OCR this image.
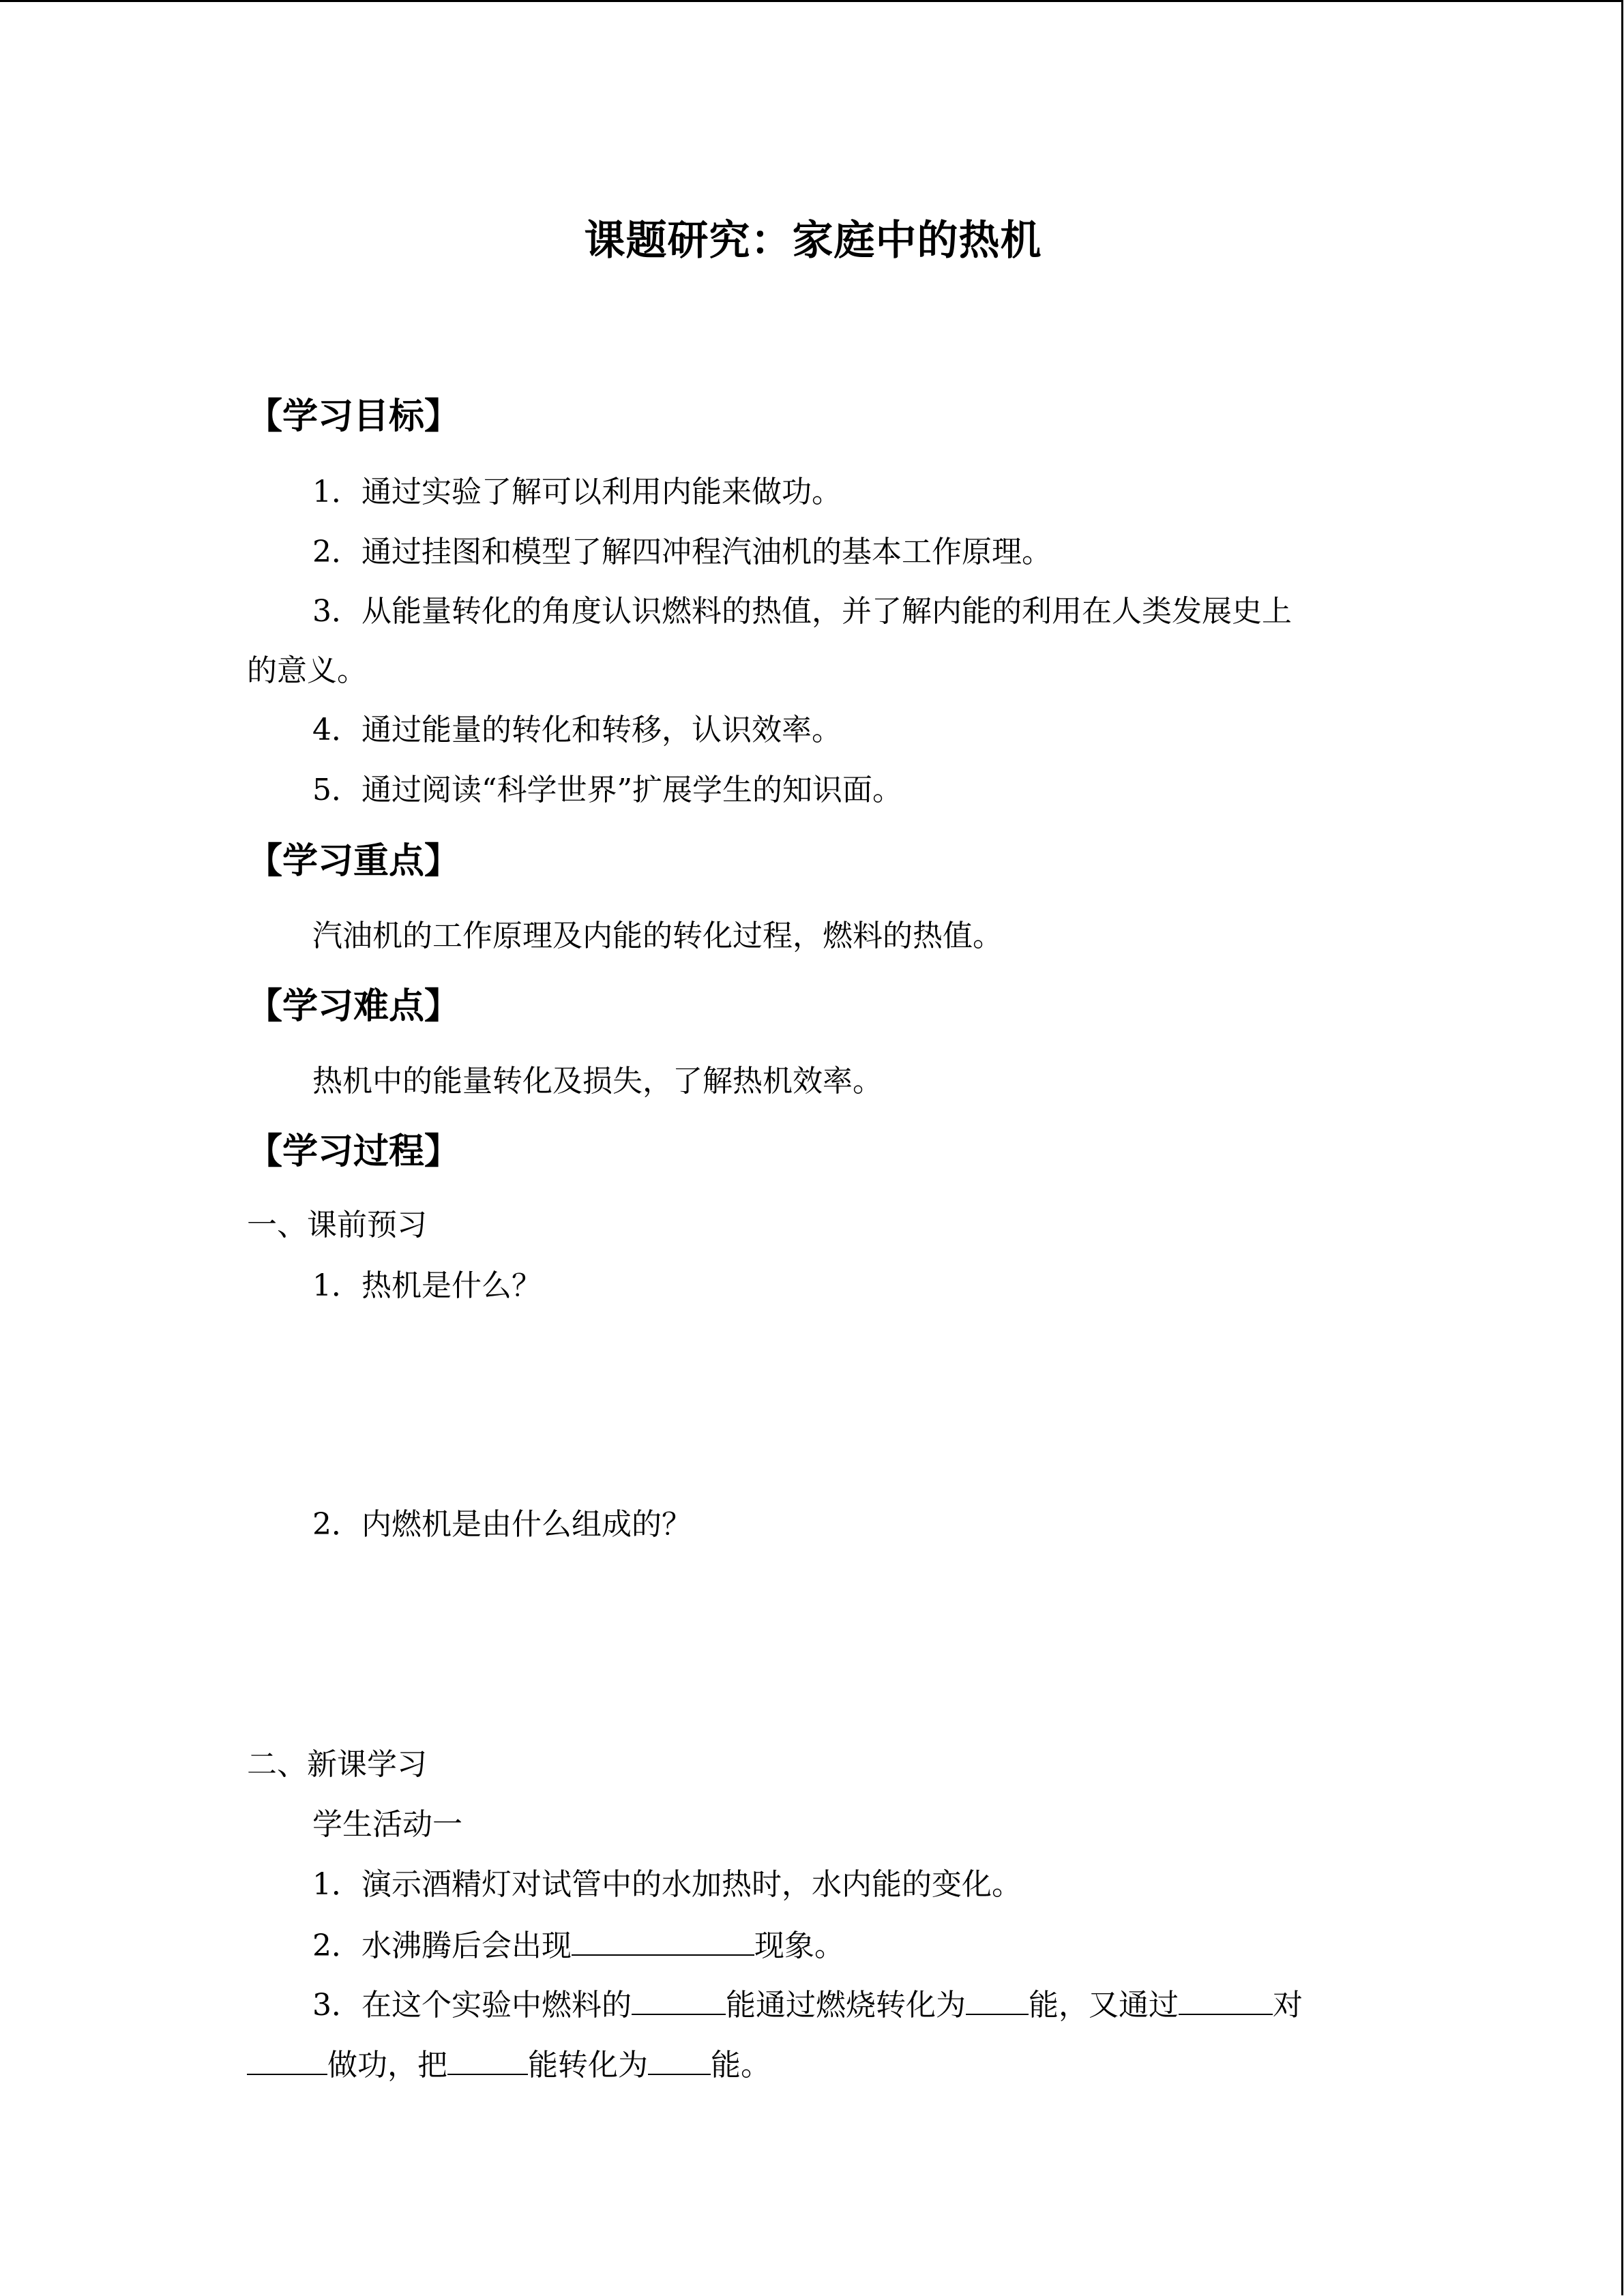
课题研究：家庭中的热机
【学习目标】
1．通过实验了解可以利用内能来做功。
2．通过挂图和模型了解四冲程汽油机的基本工作原理。
3．从能量转化的角度认识燃料的热值，并了解内能的利用在人类发展史上
的意义。
4．通过能量的转化和转移，认识效率。
5．通过阅读“科学世界”扩展学生的知识面。
【学习重点】
汽油机的工作原理及内能的转化过程，燃料的热值。
【学习难点】
热机中的能量转化及损失，了解热机效率。
【学习过程】
一、课前预习
1．热机是什么？
2．内燃机是由什么组成的？
二、新课学习
学生活动一
1．演示酒精灯对试管中的水加热时，水内能的变化。
2．水沸腾后会出现	现象。
3．在这个实验中燃料的	能通过燃烧转化为 能，又通过	对
做功，把	能转化为 能。
